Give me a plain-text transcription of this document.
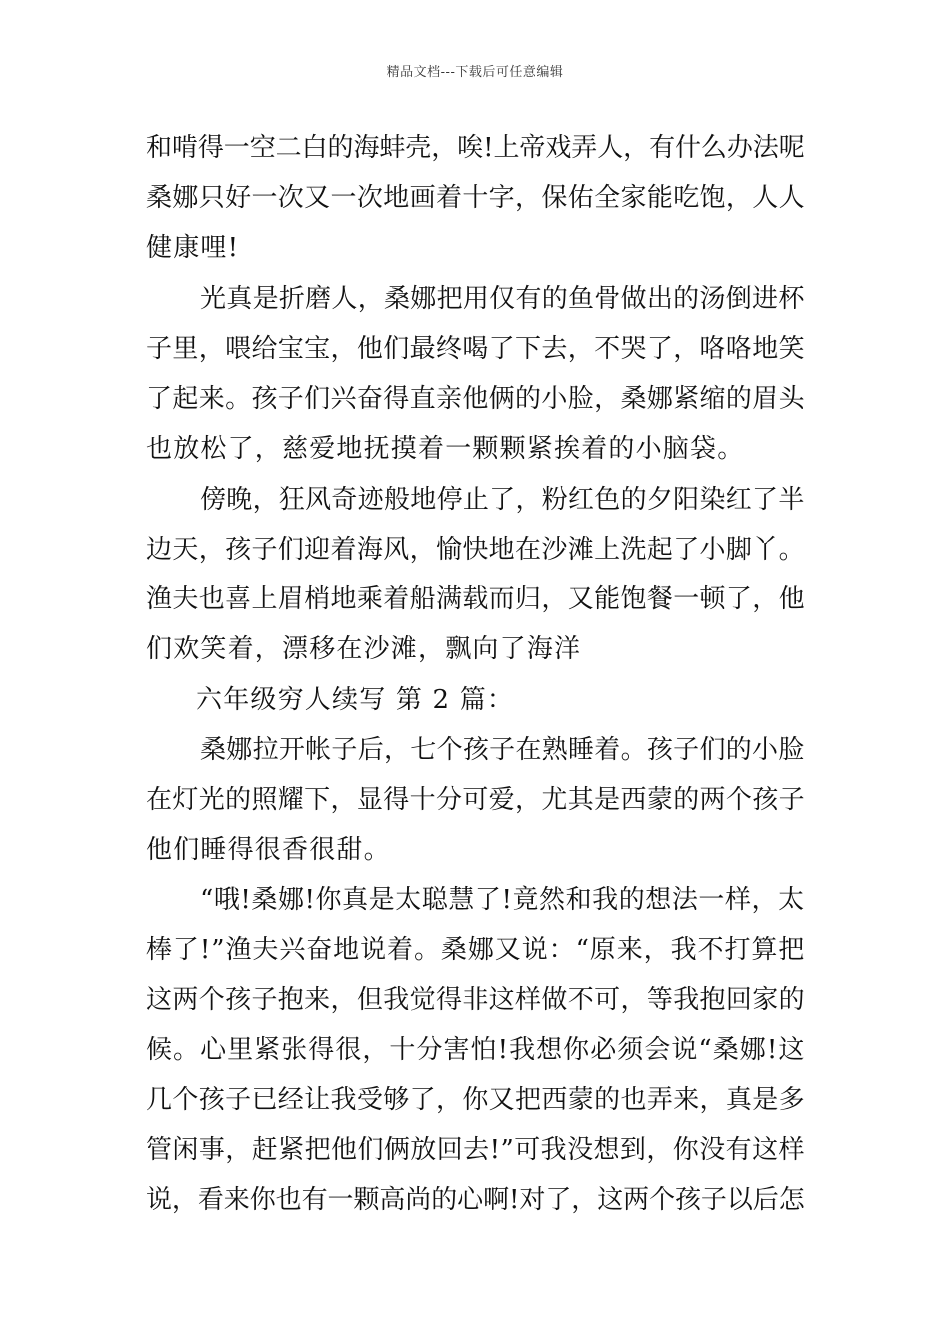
精品文档---下载后可任意编辑
和啃得一空二白的海蚌壳，唉!上帝戏弄人，有什么办法呢
桑娜只好一次又一次地画着十字，保佑全家能吃饱，人人
健康哩!
光真是折磨人，桑娜把用仅有的鱼骨做出的汤倒进杯
子里，喂给宝宝，他们最终喝了下去，不哭了，咯咯地笑
了起来。孩子们兴奋得直亲他俩的小脸，桑娜紧缩的眉头
也放松了，慈爱地抚摸着一颗颗紧挨着的小脑袋。
傍晚，狂风奇迹般地停止了，粉红色的夕阳染红了半
边天，孩子们迎着海风，愉快地在沙滩上洗起了小脚丫。
渔夫也喜上眉梢地乘着船满载而归，又能饱餐一顿了，他
们欢笑着，漂移在沙滩，飘向了海洋
六年级穷人续写 第 2 篇：
桑娜拉开帐子后，七个孩子在熟睡着。孩子们的小脸
在灯光的照耀下，显得十分可爱，尤其是西蒙的两个孩子
他们睡得很香很甜。
“哦!桑娜!你真是太聪慧了!竟然和我的想法一样，太
棒了!”渔夫兴奋地说着。桑娜又说：“原来，我不打算把
这两个孩子抱来，但我觉得非这样做不可，等我抱回家的
候。心里紧张得很，十分害怕!我想你必须会说“桑娜!这
几个孩子已经让我受够了，你又把西蒙的也弄来，真是多
管闲事，赶紧把他们俩放回去!”可我没想到，你没有这样
说，看来你也有一颗高尚的心啊!对了，这两个孩子以后怎
